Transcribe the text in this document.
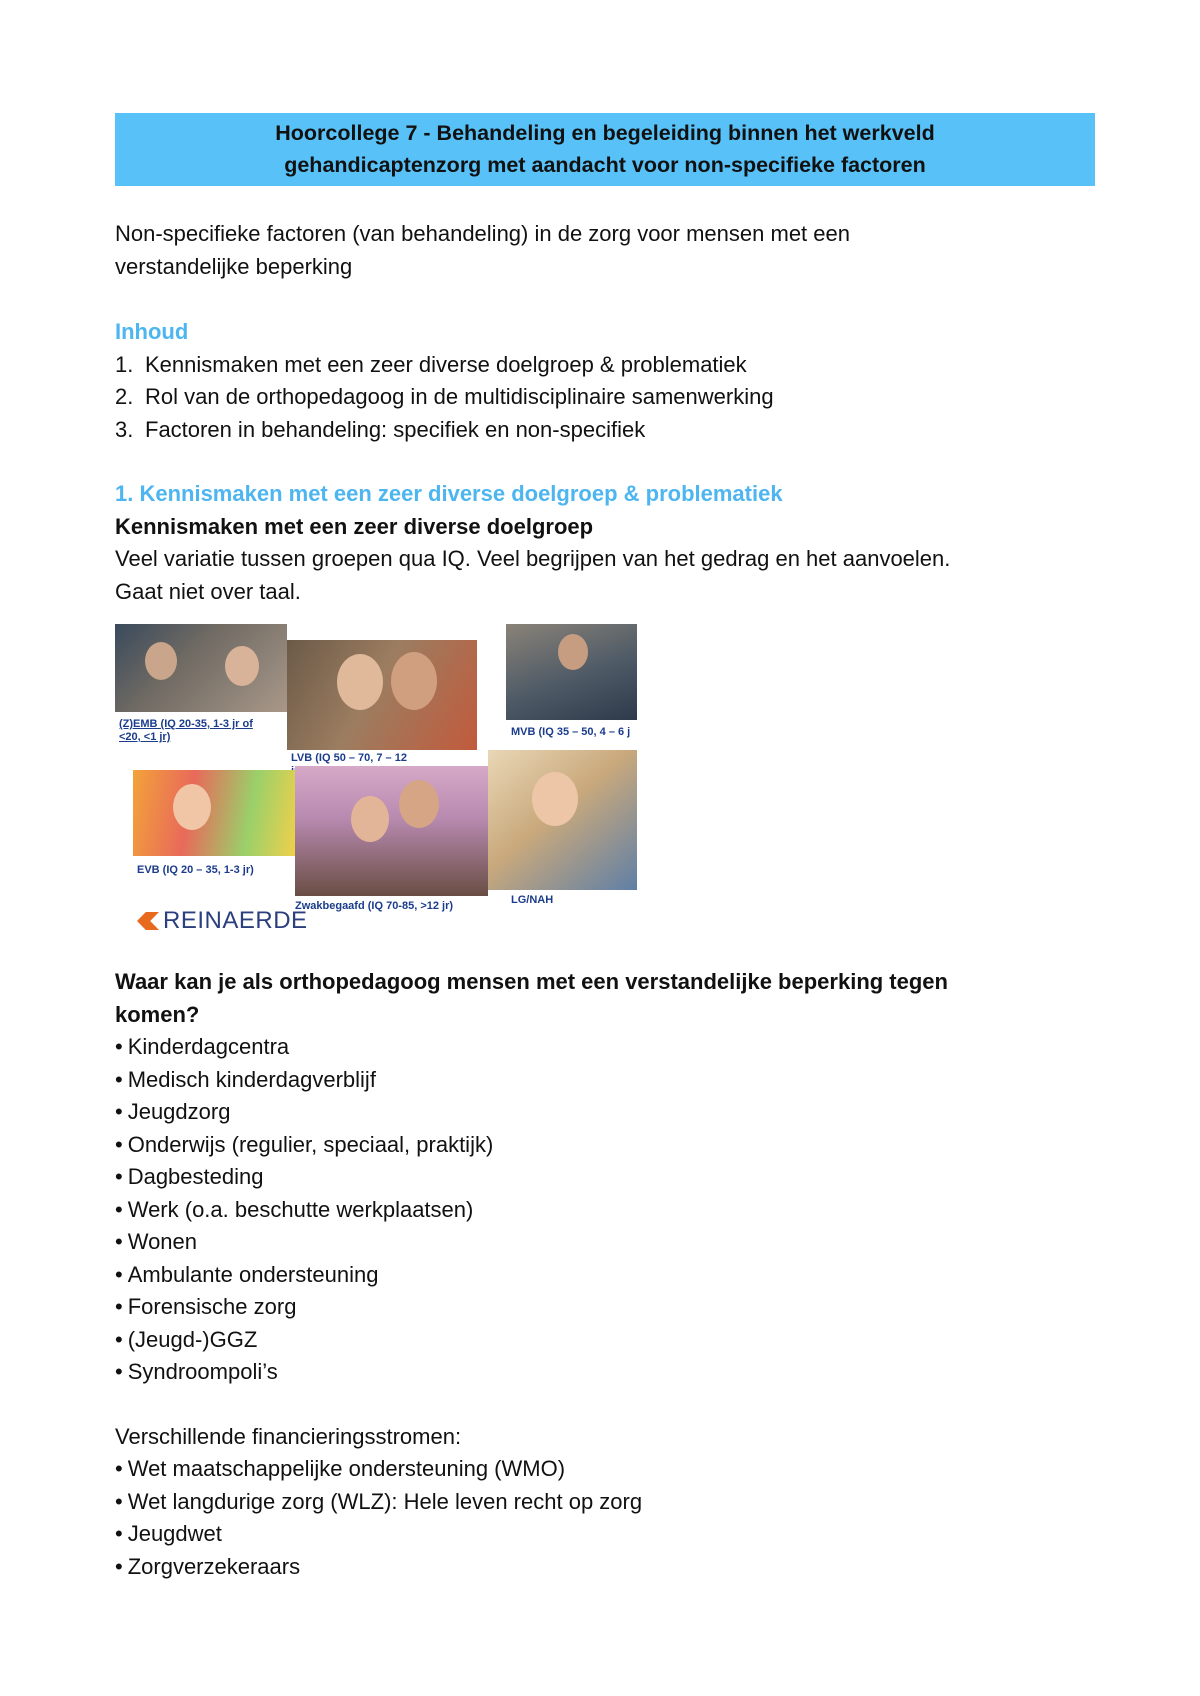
Hoorcollege 7 - Behandeling en begeleiding binnen het werkveld
gehandicaptenzorg met aandacht voor non-specifieke factoren
Non-specifieke factoren (van behandeling) in de zorg voor mensen met een
verstandelijke beperking
Inhoud
1. Kennismaken met een zeer diverse doelgroep & problematiek
2. Rol van de orthopedagoog in de multidisciplinaire samenwerking
3. Factoren in behandeling: specifiek en non-specifiek
1. Kennismaken met een zeer diverse doelgroep & problematiek
Kennismaken met een zeer diverse doelgroep
Veel variatie tussen groepen qua IQ. Veel begrijpen van het gedrag en het aanvoelen.
Gaat niet over taal.
(Z)EMB (IQ 20-35, 1-3 jr of
<20, <1 jr)
LVB (IQ 50 – 70, 7 – 12
MVB (IQ 35 – 50, 4 – 6 j
EVB (IQ 20 – 35, 1-3 jr)
Zwakbegaafd (IQ 70-85, >12 jr)	LG/NAH
REINAERDE
Waar kan je als orthopedagoog mensen met een verstandelijke beperking tegen
komen?
• Kinderdagcentra
• Medisch kinderdagverblijf
• Jeugdzorg
• Onderwijs (regulier, speciaal, praktijk)
• Dagbesteding
• Werk (o.a. beschutte werkplaatsen)
• Wonen
• Ambulante ondersteuning
• Forensische zorg
• (Jeugd-)GGZ
• Syndroompoli’s
Verschillende financieringsstromen:
• Wet maatschappelijke ondersteuning (WMO)
• Wet langdurige zorg (WLZ): Hele leven recht op zorg
• Jeugdwet
• Zorgverzekeraars
